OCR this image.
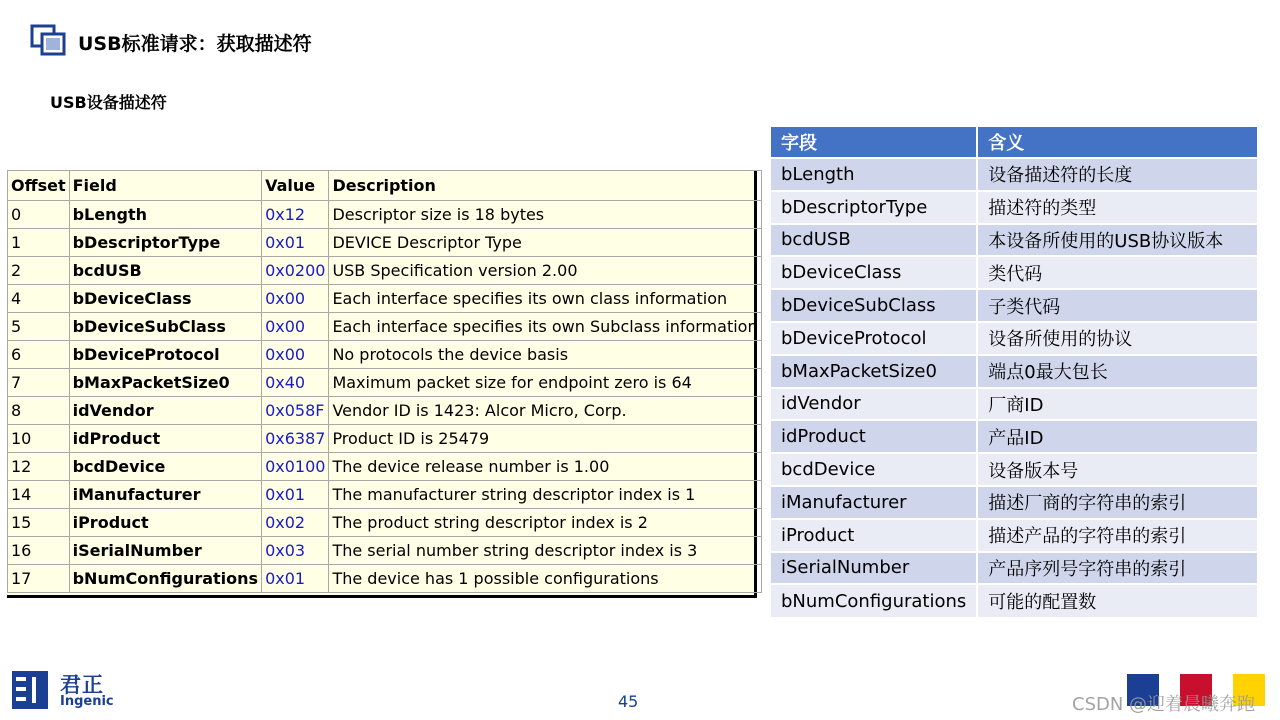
USB标准请求：获取描述符
USB设备描述符
Offset	Field	Value	Description
0	bLength	0x12	Descriptor size is 18 bytes
1	bDescriptorType	0x01	DEVICE Descriptor Type
2	bcdUSB	0x0200	USB Specification version 2.00
4	bDeviceClass	0x00	Each interface specifies its own class information
5	bDeviceSubClass	0x00	Each interface specifies its own Subclass information
6	bDeviceProtocol	0x00	No protocols the device basis
7	bMaxPacketSize0	0x40	Maximum packet size for endpoint zero is 64
8	idVendor	0x058F	Vendor ID is 1423: Alcor Micro, Corp.
10	idProduct	0x6387	Product ID is 25479
12	bcdDevice	0x0100	The device release number is 1.00
14	iManufacturer	0x01	The manufacturer string descriptor index is 1
15	iProduct	0x02	The product string descriptor index is 2
16	iSerialNumber	0x03	The serial number string descriptor index is 3
17	bNumConfigurations	0x01	The device has 1 possible configurations
字段	含义
bLength	设备描述符的长度
bDescriptorType	描述符的类型
bcdUSB	本设备所使用的USB协议版本
bDeviceClass	类代码
bDeviceSubClass	子类代码
bDeviceProtocol	设备所使用的协议
bMaxPacketSize0	端点0最大包长
idVendor	厂商ID
idProduct	产品ID
bcdDevice	设备版本号
iManufacturer	描述厂商的字符串的索引
iProduct	描述产品的字符串的索引
iSerialNumber	产品序列号字符串的索引
bNumConfigurations	可能的配置数
君正
Ingenic	45	CSDN @迎着晨曦奔跑
